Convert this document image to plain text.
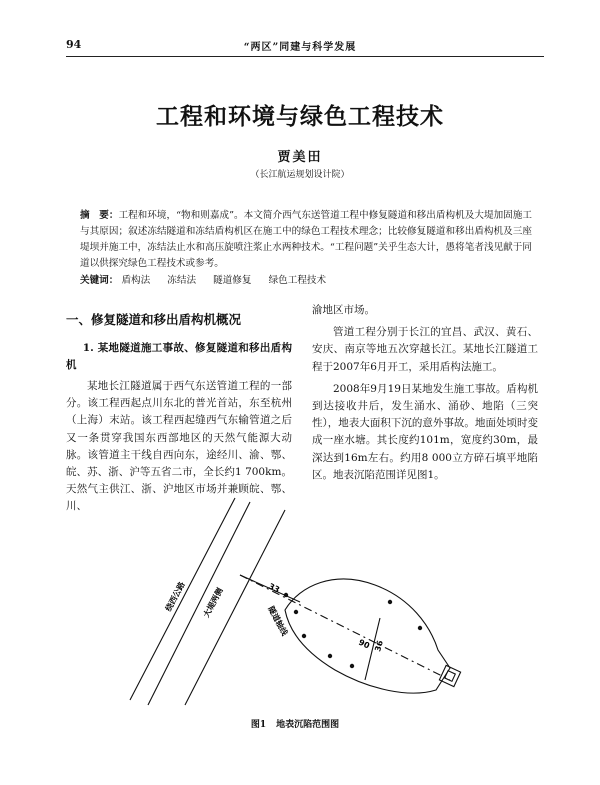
94	“两区”同建与科学发展
工程和环境与绿色工程技术
贾美田
（长江航运规划设计院）
摘　要：工程和环境，“物和则嘉成”。本文简介西气东送管道工程中修复隧道和移出盾构机及大堤加固施工与其原因；叙述冻结隧道和冻结盾构机区在施工中的绿色工程技术理念；比较修复隧道和移出盾构机及三座堤坝并施工中，冻结法止水和高压旋喷注浆止水两种技术。“工程问题”关乎生态大计，愚将笔者浅见献于同道以供探究绿色工程技术或参考。
关键词： 盾构法 冻结法 隧道修复 绿色工程技术
一、修复隧道和移出盾构机概况
1. 某地隧道施工事故、修复隧道和移出盾构机

某地长江隧道属于西气东送管道工程的一部分。该工程西起点川东北的普光首站，东至杭州（上海）末站。该工程西起缝西气东输管道之后又一条贯穿我国东西部地区的天然气能源大动脉。该管道主干线自西向东，途经川、渝、鄂、皖、苏、浙、沪等五省二市，全长约1 700km。天然气主供江、浙、沪地区市场并兼顾皖、鄂、川、

渝地区市场。

管道工程分别于长江的宜昌、武汉、黄石、安庆、南京等地五次穿越长江。某地长江隧道工程于2007年6月开工，采用盾构法施工。

2008年9月19日某地发生施工事故。盾构机到达接收井后，发生涌水、涌砂、地陷（三突性），地表大面积下沉的意外事故。地面处顷时变成一座水塘。其长度约101m，宽度约30m，最深达到16m左右。约用8 000立方碎石填平地陷区。地表沉陷范围详见图1。

绕西公路 大堤两侧
隧道轴线
33
90 36
图1 地表沉陷范围图
